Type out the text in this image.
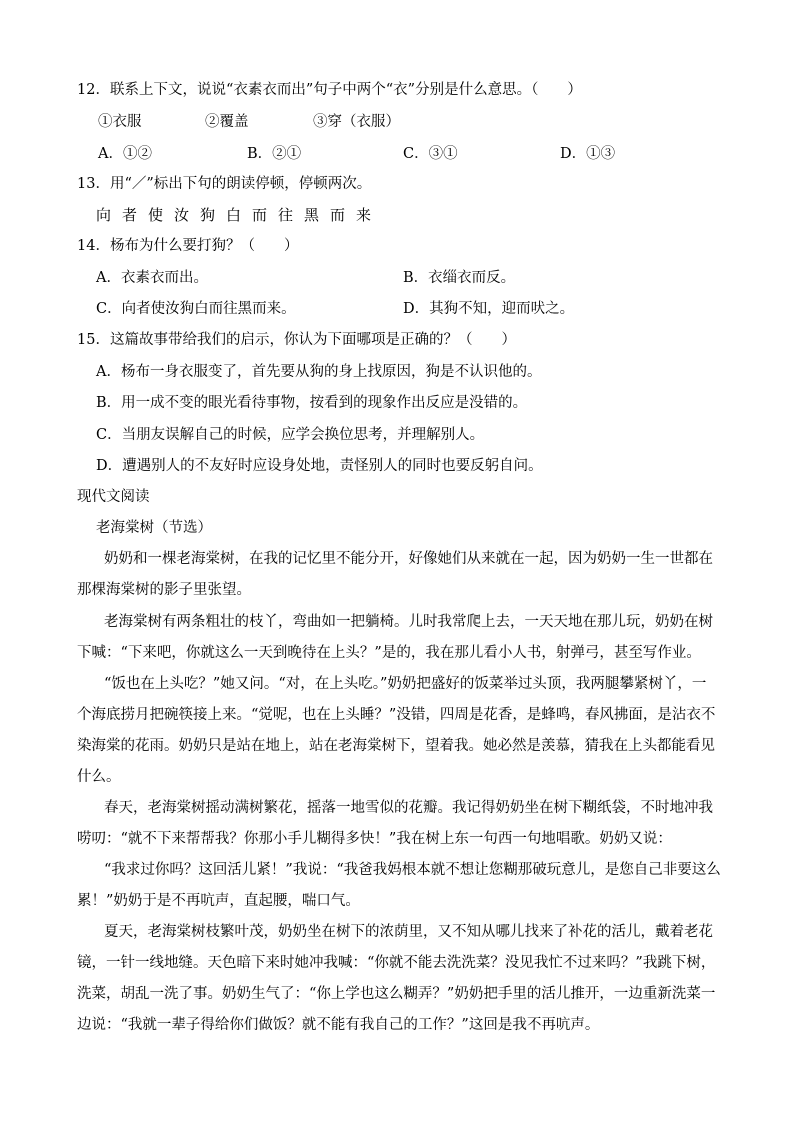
12．联系上下文，说说“衣素衣而出”句子中两个“衣”分别是什么意思。（　　）
①衣服	②覆盖	③穿（衣服）
A．①②	B．②①	C．③①	D．①③
13．用“／”标出下句的朗读停顿，停顿两次。
向者使汝狗白而往黑而来
14．杨布为什么要打狗？（　　）
A．衣素衣而出。	B．衣缁衣而反。
C．向者使汝狗白而往黑而来。	D．其狗不知，迎而吠之。
15．这篇故事带给我们的启示，你认为下面哪项是正确的？（　　）
A．杨布一身衣服变了，首先要从狗的身上找原因，狗是不认识他的。
B．用一成不变的眼光看待事物，按看到的现象作出反应是没错的。
C．当朋友误解自己的时候，应学会换位思考，并理解别人。
D．遭遇别人的不友好时应设身处地，责怪别人的同时也要反躬自问。
现代文阅读
老海棠树（节选）
奶奶和一棵老海棠树，在我的记忆里不能分开，好像她们从来就在一起，因为奶奶一生一世都在
那棵海棠树的影子里张望。
老海棠树有两条粗壮的枝丫，弯曲如一把躺椅。儿时我常爬上去，一天天地在那儿玩，奶奶在树
下喊：“下来吧，你就这么一天到晚待在上头？”是的，我在那儿看小人书，射弹弓，甚至写作业。
“饭也在上头吃？”她又问。“对，在上头吃。”奶奶把盛好的饭菜举过头顶，我两腿攀紧树丫，一
个海底捞月把碗筷接上来。“觉呢，也在上头睡？”没错，四周是花香，是蜂鸣，春风拂面，是沾衣不
染海棠的花雨。奶奶只是站在地上，站在老海棠树下，望着我。她必然是羡慕，猜我在上头都能看见
什么。
春天，老海棠树摇动满树繁花，摇落一地雪似的花瓣。我记得奶奶坐在树下糊纸袋，不时地冲我
唠叨：“就不下来帮帮我？你那小手儿糊得多快！”我在树上东一句西一句地唱歌。奶奶又说：
“我求过你吗？这回活儿紧！”我说：“我爸我妈根本就不想让您糊那破玩意儿，是您自己非要这么
累！”奶奶于是不再吭声，直起腰，喘口气。
夏天，老海棠树枝繁叶茂，奶奶坐在树下的浓荫里，又不知从哪儿找来了补花的活儿，戴着老花
镜，一针一线地缝。天色暗下来时她冲我喊：“你就不能去洗洗菜？没见我忙不过来吗？”我跳下树，
洗菜，胡乱一洗了事。奶奶生气了：“你上学也这么糊弄？”奶奶把手里的活儿推开，一边重新洗菜一
边说：“我就一辈子得给你们做饭？就不能有我自己的工作？”这回是我不再吭声。
